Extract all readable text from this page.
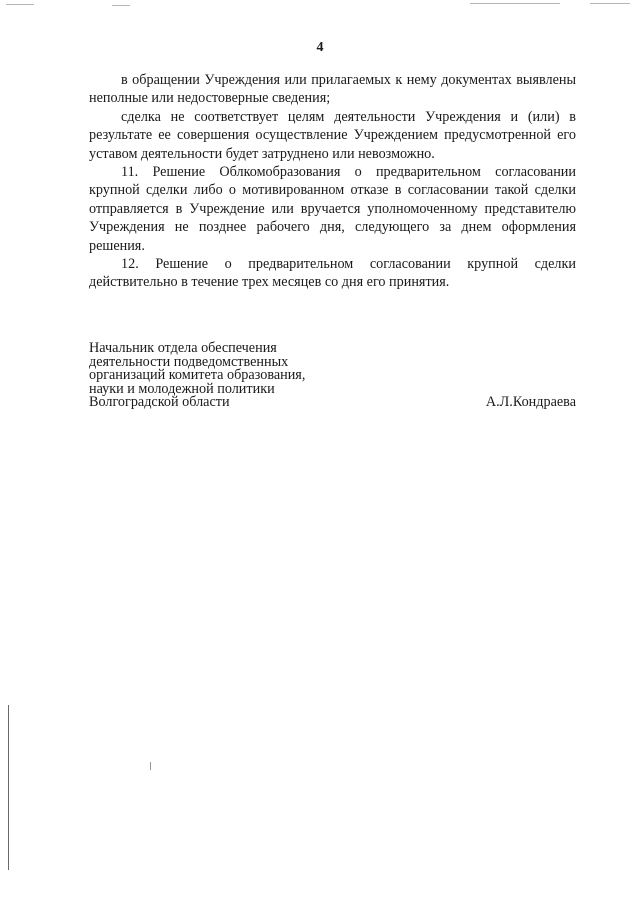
4

в обращении Учреждения или прилагаемых к нему документах выявлены неполные или недостоверные сведения;

сделка не соответствует целям деятельности Учреждения и (или) в результате ее совершения осуществление Учреждением предусмотренной его уставом деятельности будет затруднено или невозможно.

11. Решение Облкомобразования о предварительном согласовании крупной сделки либо о мотивированном отказе в согласовании такой сделки отправляется в Учреждение или вручается уполномоченному представителю Учреждения не позднее рабочего дня, следующего за днем оформления решения.

12. Решение о предварительном согласовании крупной сделки действительно в течение трех месяцев со дня его принятия.

Начальник отдела обеспечения
деятельности подведомственных
организаций комитета образования,
науки и молодежной политики
Волгоградской области	А.Л.Кондраева
